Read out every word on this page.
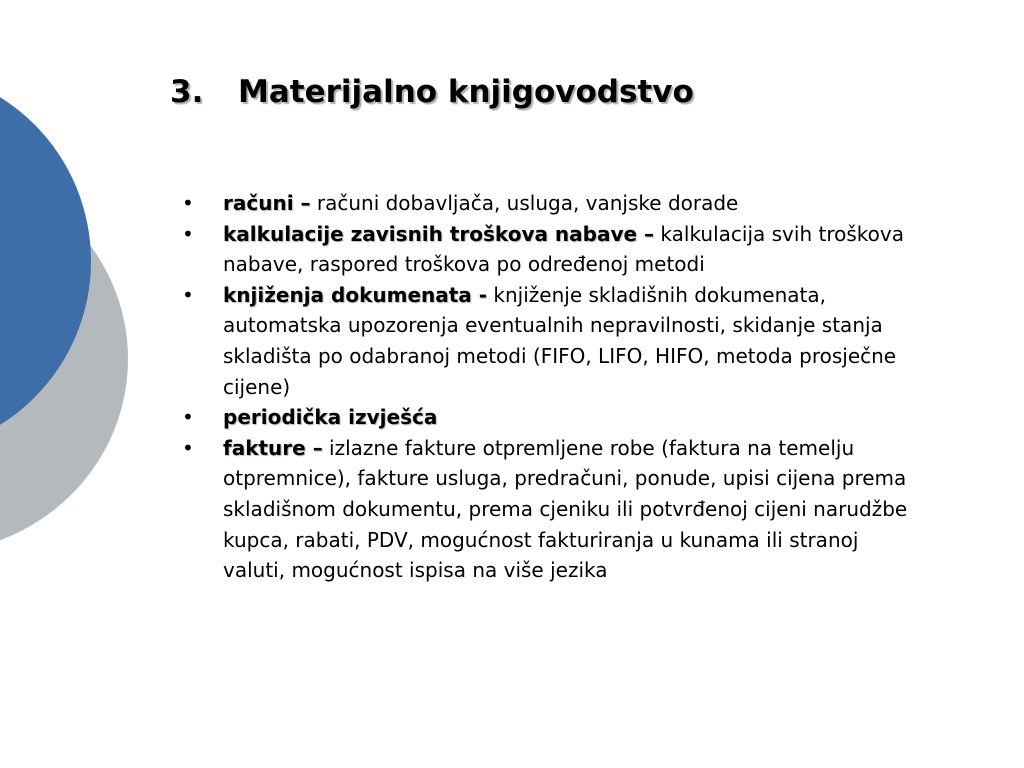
3. Materijalno knjigovodstvo
• računi – računi dobavljača, usluga, vanjske dorade
• kalkulacije zavisnih troškova nabave – kalkulacija svih troškova nabave, raspored troškova po određenoj metodi
• knjiženja dokumenata - knjiženje skladišnih dokumenata, automatska upozorenja eventualnih nepravilnosti, skidanje stanja skladišta po odabranoj metodi (FIFO, LIFO, HIFO, metoda prosječne cijene)
• periodička izvješća
• fakture – izlazne fakture otpremljene robe (faktura na temelju otpremnice), fakture usluga, predračuni, ponude, upisi cijena prema skladišnom dokumentu, prema cjeniku ili potvrđenoj cijeni narudžbe kupca, rabati, PDV, mogućnost fakturiranja u kunama ili stranoj valuti, mogućnost ispisa na više jezika
